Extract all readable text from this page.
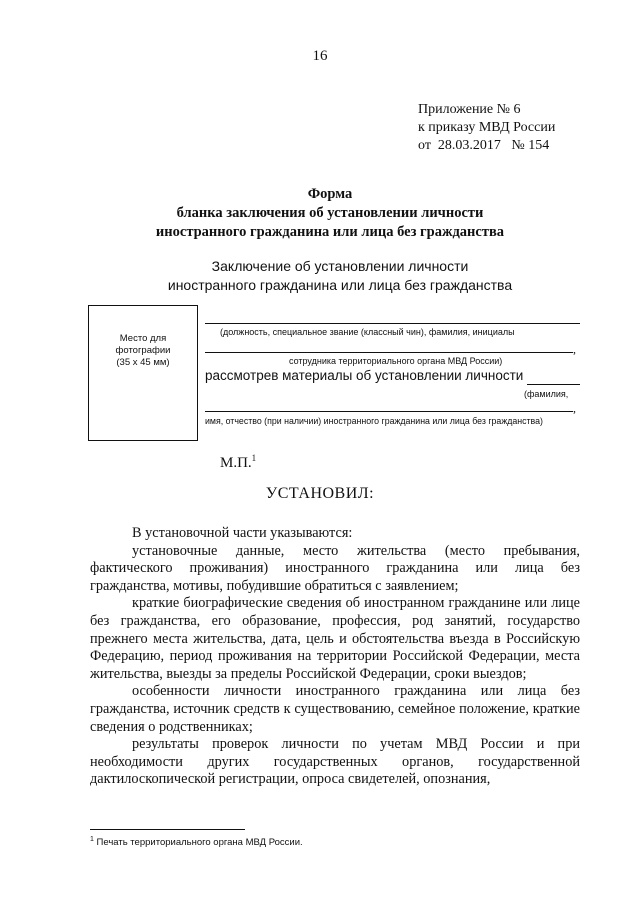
16
Приложение № 6
к приказу МВД России
от  28.03.2017   № 154
Форма
бланка заключения об установлении личности
иностранного гражданина или лица без гражданства
Заключение об установлении личности
иностранного гражданина или лица без гражданства
Место для
фотографии
(35 х 45 мм)
(должность, специальное звание (классный чин), фамилия, инициалы
,
сотрудника территориального органа МВД России)
рассмотрев материалы об установлении личности
(фамилия,
,
имя, отчество (при наличии) иностранного гражданина или лица без гражданства)
М.П.$^1$
УСТАНОВИЛ:

В установочной части указываются:

установочные данные, место жительства (место пребывания, фактического проживания) иностранного гражданина или лица без гражданства, мотивы, побудившие обратиться с заявлением;

краткие биографические сведения об иностранном гражданине или лице без гражданства, его образование, профессия, род занятий, государство прежнего места жительства, дата, цель и обстоятельства въезда в Российскую Федерацию, период проживания на территории Российской Федерации, места жительства, выезды за пределы Российской Федерации, сроки выездов;

особенности личности иностранного гражданина или лица без гражданства, источник средств к существованию, семейное положение, краткие сведения о родственниках;

результаты проверок личности по учетам МВД России и при необходимости других государственных органов, государственной дактилоскопической регистрации, опроса свидетелей, опознания,

$^1$ Печать территориального органа МВД России.
